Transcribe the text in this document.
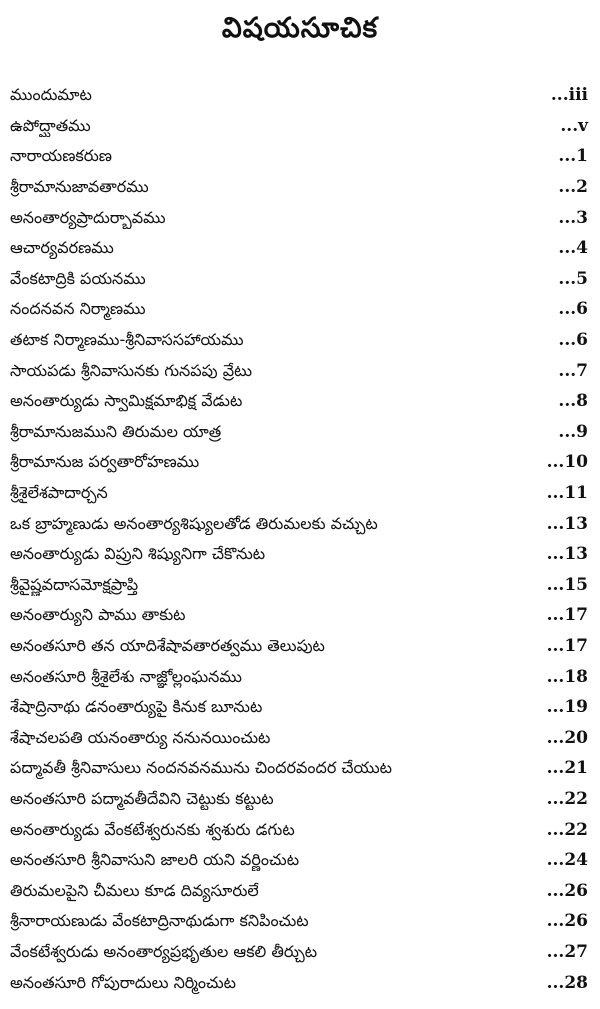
విషయసూచిక
ముందుమాట	...iii
ఉపోద్ఘాతము	...v
నారాయణకరుణ	...1
శ్రీరామానుజావతారము	...2
అనంతార్యప్రాదుర్భావము	...3
ఆచార్యవరణము	...4
వేంకటాద్రికి పయనము	...5
నందనవన నిర్మాణము	...6
తటాక నిర్మాణము-శ్రీనివాససహాయము	...6
సాయపడు శ్రీనివాసునకు గునపపు వ్రేటు	...7
అనంతార్యుడు స్వామిక్షమాభిక్ష వేడుట	...8
శ్రీరామానుజముని తిరుమల యాత్ర	...9
శ్రీరామానుజ పర్వతారోహణము	...10
శ్రీశైలేశపాదార్చన	...11
ఒక బ్రాహ్మణుడు అనంతార్యశిష్యులతోడ తిరుమలకు వచ్చుట	...13
అనంతార్యుడు విప్రుని శిష్యునిగా చేకొనుట	...13
శ్రీవైష్ణవదాసమోక్షప్రాప్తి	...15
అనంతార్యుని పాము తాకుట	...17
అనంతసూరి తన యాదిశేషావతారత్వము తెలుపుట	...17
అనంతసూరి శ్రీశైలేశు నాజ్ఞోల్లంఘనము	...18
శేషాద్రినాథు డనంతార్యుపై కినుక బూనుట	...19
శేషాచలపతి యనంతార్యు ననునయించుట	...20
పద్మావతీ శ్రీనివాసులు నందనవనమును చిందరవందర చేయుట	...21
అనంతసూరి పద్మావతీదేవిని చెట్టుకు కట్టుట	...22
అనంతార్యుడు వేంకటేశ్వరునకు శ్వశురు డగుట	...22
అనంతసూరి శ్రీనివాసుని జాలరి యని వర్ణించుట	...24
తిరుమలపైని చీమలు కూడ దివ్యసూరులే	...26
శ్రీనారాయణుడు వేంకటాద్రినాథుడుగా కనిపించుట	...26
వేంకటేశ్వరుడు అనంతార్యప్రభృతుల ఆకలి తీర్చుట	...27
అనంతసూరి గోపురాదులు నిర్మించుట	...28
